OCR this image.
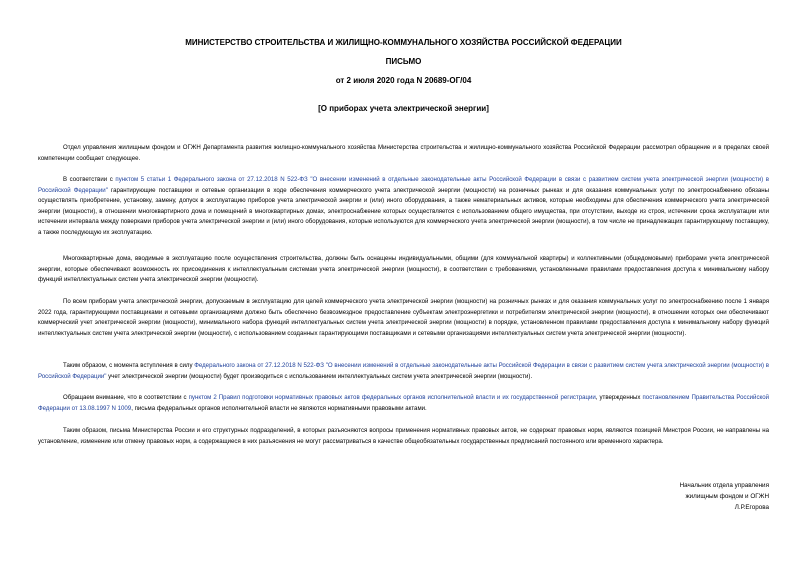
МИНИСТЕРСТВО СТРОИТЕЛЬСТВА И ЖИЛИЩНО-КОММУНАЛЬНОГО ХОЗЯЙСТВА РОССИЙСКОЙ ФЕДЕРАЦИИ
ПИСЬМО
от 2 июля 2020 года N 20689-ОГ/04
[О приборах учета электрической энергии]

Отдел управления жилищным фондом и ОГЖН Департамента развития жилищно-коммунального хозяйства Министерства строительства и жилищно-коммунального хозяйства Российской Федерации рассмотрел обращение и в пределах своей компетенции сообщает следующее.

В соответствии с пунктом 5 статьи 1 Федерального закона от 27.12.2018 N 522-ФЗ "О внесении изменений в отдельные законодательные акты Российской Федерации в связи с развитием систем учета электрической энергии (мощности) в Российской Федерации" гарантирующие поставщики и сетевые организации в ходе обеспечения коммерческого учета электрической энергии (мощности) на розничных рынках и для оказания коммунальных услуг по электроснабжению обязаны осуществлять приобретение, установку, замену, допуск в эксплуатацию приборов учета электрической энергии и (или) иного оборудования, а также нематериальных активов, которые необходимы для обеспечения коммерческого учета электрической энергии (мощности), в отношении многоквартирного дома и помещений в многоквартирных домах, электроснабжение которых осуществляется с использованием общего имущества, при отсутствии, выходе из строя, истечении срока эксплуатации или истечении интервала между поверками приборов учета электрической энергии и (или) иного оборудования, которые используются для коммерческого учета электрической энергии (мощности), в том числе не принадлежащих гарантирующему поставщику, а также последующую их эксплуатацию.

Многоквартирные дома, вводимые в эксплуатацию после осуществления строительства, должны быть оснащены индивидуальными, общими (для коммунальной квартиры) и коллективными (общедомовыми) приборами учета электрической энергии, которые обеспечивают возможность их присоединения к интеллектуальным системам учета электрической энергии (мощности), в соответствии с требованиями, установленными правилами предоставления доступа к минимальному набору функций интеллектуальных систем учета электрической энергии (мощности).

По всем приборам учета электрической энергии, допускаемым в эксплуатацию для целей коммерческого учета электрической энергии (мощности) на розничных рынках и для оказания коммунальных услуг по электроснабжению после 1 января 2022 года, гарантирующими поставщиками и сетевыми организациями должно быть обеспечено безвозмездное предоставление субъектам электроэнергетики и потребителям электрической энергии (мощности), в отношении которых они обеспечивают коммерческий учет электрической энергии (мощности), минимального набора функций интеллектуальных систем учета электрической энергии (мощности) в порядке, установленном правилами предоставления доступа к минимальному набору функций интеллектуальных систем учета электрической энергии (мощности), с использованием созданных гарантирующими поставщиками и сетевыми организациями интеллектуальных систем учета электрической энергии (мощности).

Таким образом, с момента вступления в силу Федерального закона от 27.12.2018 N 522-ФЗ "О внесении изменений в отдельные законодательные акты Российской Федерации в связи с развитием систем учета электрической энергии (мощности) в Российской Федерации" учет электрической энергии (мощности) будет производиться с использованием интеллектуальных систем учета электрической энергии (мощности).

Обращаем внимание, что в соответствии с пунктом 2 Правил подготовки нормативных правовых актов федеральных органов исполнительной власти и их государственной регистрации, утвержденных постановлением Правительства Российской Федерации от 13.08.1997 N 1009, письма федеральных органов исполнительной власти не являются нормативными правовыми актами.

Таким образом, письма Министерства России и его структурных подразделений, в которых разъясняются вопросы применения нормативных правовых актов, не содержат правовых норм, являются позицией Минстроя России, не направлены на установление, изменение или отмену правовых норм, а содержащиеся в них разъяснения не могут рассматриваться в качестве общеобязательных государственных предписаний постоянного или временного характера.

Начальник отдела управления
жилищным фондом и ОГЖН
Л.Р.Егорова
